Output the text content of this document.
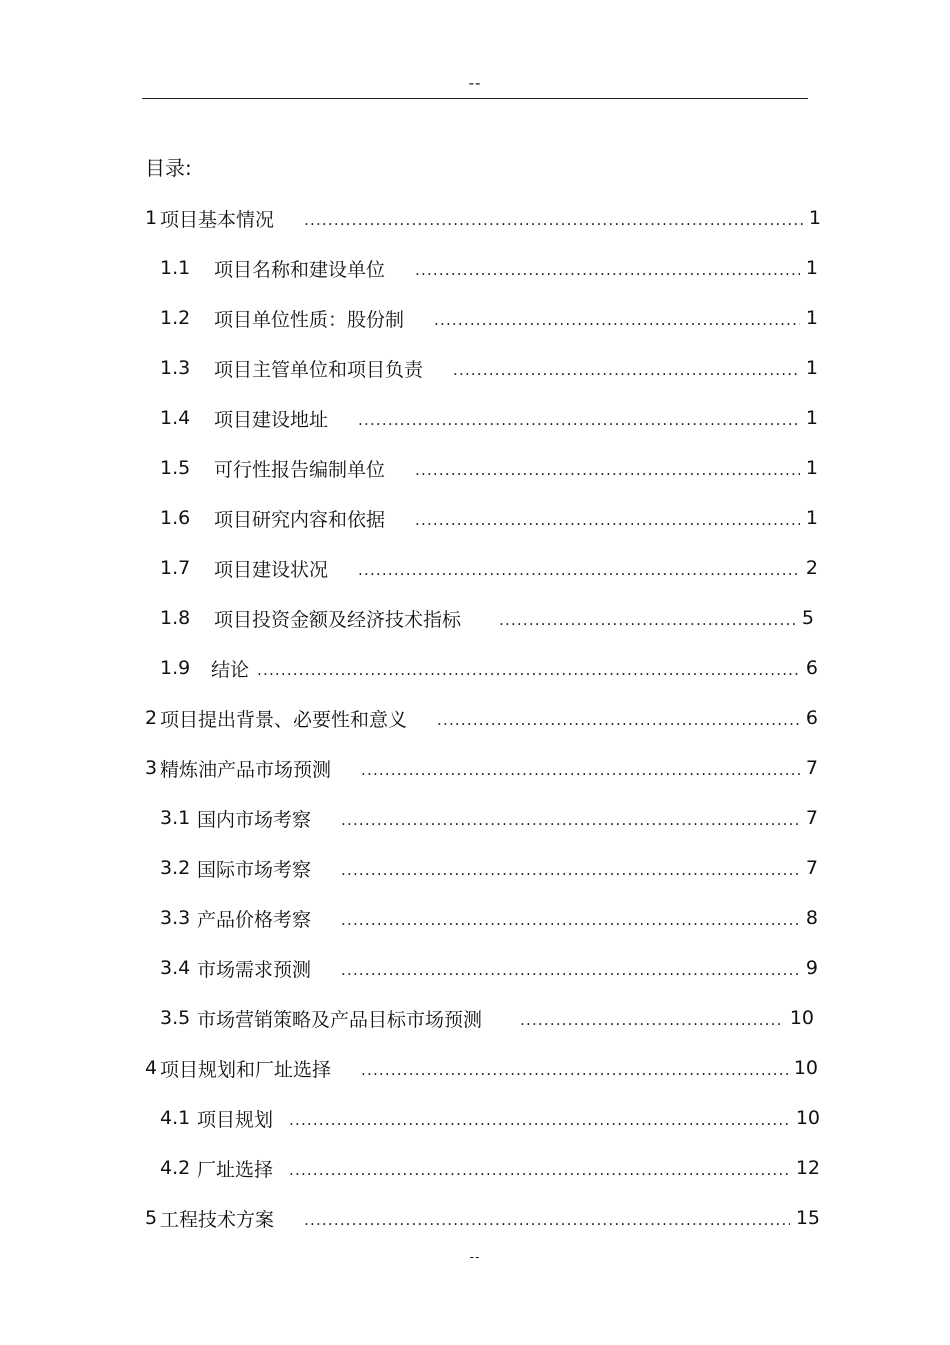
--
目录:
1 项目基本情况 .....	1
1.1	项目名称和建设单位 .....	1
1.2	项目单位性质：股份制 .....	1
1.3	项目主管单位和项目负责 .....	1
1.4	项目建设地址 .....	1
1.5	可行性报告编制单位 .....	1
1.6	项目研究内容和依据 .....	1
1.7	项目建设状况 .....	2
1.8	项目投资金额及经济技术指标 .....	5
1.9	结论 .....	6
2 项目提出背景、必要性和意义 .....	6
3 精炼油产品市场预测 .....	7
3.1 国内市场考察 .....	7
3.2 国际市场考察 .....	7
3.3 产品价格考察 .....	8
3.4 市场需求预测 .....	9
3.5 市场营销策略及产品目标市场预测 .....	10
4 项目规划和厂址选择 .....	10
4.1 项目规划 .....	10
4.2 厂址选择 .....	12
5 工程技术方案 .....	15
--
